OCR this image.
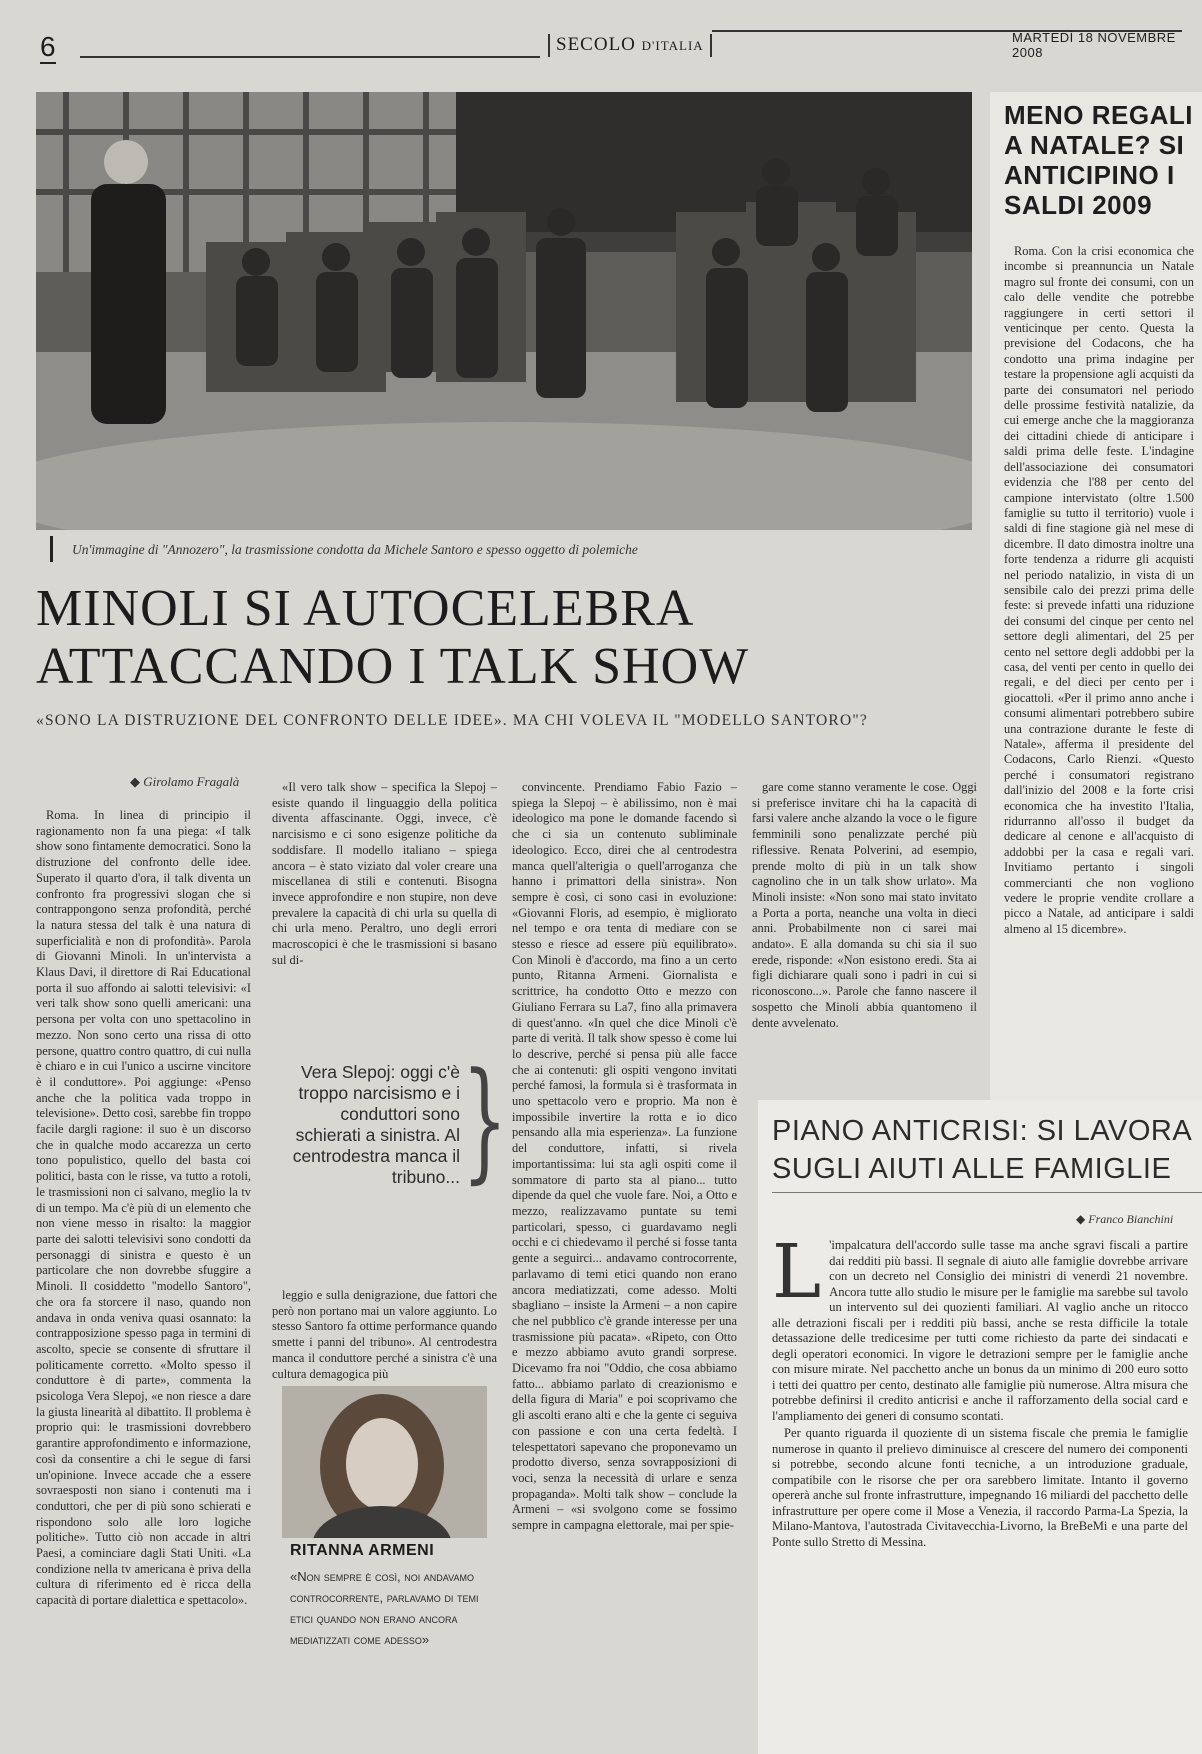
6	SECOLO D'ITALIA
MARTEDÌ 18 NOVEMBRE 2008
Un'immagine di "Annozero", la trasmissione condotta da Michele Santoro e spesso oggetto di polemiche
MINOLI SI AUTOCELEBRA
ATTACCANDO I TALK SHOW
«SONO LA DISTRUZIONE DEL CONFRONTO DELLE IDEE». MA CHI VOLEVA IL "MODELLO SANTORO"?
◆ Girolamo Fragalà

Roma. In linea di principio il ragionamento non fa una piega: «I talk show sono fintamente democratici. Sono la distruzione del confronto delle idee. Superato il quarto d'ora, il talk diventa un confronto fra progressivi slogan che si contrappongono senza profondità, perché la natura stessa del talk è una natura di superficialità e non di profondità». Parola di Giovanni Minoli. In un'intervista a Klaus Davi, il direttore di Rai Educational porta il suo affondo ai salotti televisivi: «I veri talk show sono quelli americani: una persona per volta con uno spettacolino in mezzo. Non sono certo una rissa di otto persone, quattro contro quattro, di cui nulla è chiaro e in cui l'unico a uscirne vincitore è il conduttore». Poi aggiunge: «Penso anche che la politica vada troppo in televisione». Detto così, sarebbe fin troppo facile dargli ragione: il suo è un discorso che in qualche modo accarezza un certo tono populistico, quello del basta coi politici, basta con le risse, va tutto a rotoli, le trasmissioni non ci salvano, meglio la tv di un tempo. Ma c'è più di un elemento che non viene messo in risalto: la maggior parte dei salotti televisivi sono condotti da personaggi di sinistra e questo è un particolare che non dovrebbe sfuggire a Minoli. Il cosiddetto "modello Santoro", che ora fa storcere il naso, quando non andava in onda veniva quasi osannato: la contrapposizione spesso paga in termini di ascolto, specie se consente di sfruttare il politicamente corretto. «Molto spesso il conduttore è di parte», commenta la psicologa Vera Slepoj, «e non riesce a dare la giusta linearità al dibattito. Il problema è proprio qui: le trasmissioni dovrebbero garantire approfondimento e informazione, così da consentire a chi le segue di farsi un'opinione. Invece accade che a essere sovraesposti non siano i contenuti ma i conduttori, che per di più sono schierati e rispondono solo alle loro logiche politiche». Tutto ciò non accade in altri Paesi, a cominciare dagli Stati Uniti. «La condizione nella tv americana è priva della cultura di riferimento ed è ricca della capacità di portare dialettica e spettacolo».

«Il vero talk show – specifica la Slepoj – esiste quando il linguaggio della politica diventa affascinante. Oggi, invece, c'è narcisismo e ci sono esigenze politiche da soddisfare. Il modello italiano – spiega ancora – è stato viziato dal voler creare una miscellanea di stili e contenuti. Bisogna invece approfondire e non stupire, non deve prevalere la capacità di chi urla su quella di chi urla meno. Peraltro, uno degli errori macroscopici è che le trasmissioni si basano sul di-

Vera Slepoj: oggi c'è troppo narcisismo e i conduttori sono schierati a sinistra. Al centrodestra manca il tribuno... }

leggio e sulla denigrazione, due fattori che però non portano mai un valore aggiunto. Lo stesso Santoro fa ottime performance quando smette i panni del tribuno». Al centrodestra manca il conduttore perché a sinistra c'è una cultura demagogica più

convincente. Prendiamo Fabio Fazio – spiega la Slepoj – è abilissimo, non è mai ideologico ma pone le domande facendo sì che ci sia un contenuto subliminale ideologico. Ecco, direi che al centrodestra manca quell'alterigia o quell'arroganza che hanno i primattori della sinistra». Non sempre è così, ci sono casi in evoluzione: «Giovanni Floris, ad esempio, è migliorato nel tempo e ora tenta di mediare con se stesso e riesce ad essere più equilibrato». Con Minoli è d'accordo, ma fino a un certo punto, Ritanna Armeni. Giornalista e scrittrice, ha condotto Otto e mezzo con Giuliano Ferrara su La7, fino alla primavera di quest'anno. «In quel che dice Minoli c'è parte di verità. Il talk show spesso è come lui lo descrive, perché si pensa più alle facce che ai contenuti: gli ospiti vengono invitati perché famosi, la formula si è trasformata in uno spettacolo vero e proprio. Ma non è impossibile invertire la rotta e io dico pensando alla mia esperienza». La funzione del conduttore, infatti, si rivela importantissima: lui sta agli ospiti come il sommatore di parto sta al piano... tutto dipende da quel che vuole fare. Noi, a Otto e mezzo, realizzavamo puntate su temi particolari, spesso, ci guardavamo negli occhi e ci chiedevamo il perché si fosse tanta gente a seguirci... andavamo controcorrente, parlavamo di temi etici quando non erano ancora mediatizzati, come adesso. Molti sbagliano – insiste la Armeni – a non capire che nel pubblico c'è grande interesse per una trasmissione più pacata». «Ripeto, con Otto e mezzo abbiamo avuto grandi sorprese. Dicevamo fra noi "Oddio, che cosa abbiamo fatto... abbiamo parlato di creazionismo e della figura di Maria" e poi scoprivamo che gli ascolti erano alti e che la gente ci seguiva con passione e con una certa fedeltà. I telespettatori sapevano che proponevamo un prodotto diverso, senza sovrapposizioni di voci, senza la necessità di urlare e senza propaganda». Molti talk show – conclude la Armeni – «si svolgono come se fossimo sempre in campagna elettorale, mai per spie-

gare come stanno veramente le cose. Oggi si preferisce invitare chi ha la capacità di farsi valere anche alzando la voce o le figure femminili sono penalizzate perché più riflessive. Renata Polverini, ad esempio, prende molto di più in un talk show cagnolino che in un talk show urlato». Ma Minoli insiste: «Non sono mai stato invitato a Porta a porta, neanche una volta in dieci anni. Probabilmente non ci sarei mai andato». E alla domanda su chi sia il suo erede, risponde: «Non esistono eredi. Sta ai figli dichiarare quali sono i padri in cui si riconoscono...». Parole che fanno nascere il sospetto che Minoli abbia quantomeno il dente avvelenato.

RITANNA ARMENI
«Non sempre è così, noi andavamo controcorrente, parlavamo di temi etici quando non erano ancora mediatizzati come adesso»
MENO REGALI A NATALE? SI ANTICIPINO I SALDI 2009

Roma. Con la crisi economica che incombe si preannuncia un Natale magro sul fronte dei consumi, con un calo delle vendite che potrebbe raggiungere in certi settori il venticinque per cento. Questa la previsione del Codacons, che ha condotto una prima indagine per testare la propensione agli acquisti da parte dei consumatori nel periodo delle prossime festività natalizie, da cui emerge anche che la maggioranza dei cittadini chiede di anticipare i saldi prima delle feste. L'indagine dell'associazione dei consumatori evidenzia che l'88 per cento del campione intervistato (oltre 1.500 famiglie su tutto il territorio) vuole i saldi di fine stagione già nel mese di dicembre. Il dato dimostra inoltre una forte tendenza a ridurre gli acquisti nel periodo natalizio, in vista di un sensibile calo dei prezzi prima delle feste: si prevede infatti una riduzione dei consumi del cinque per cento nel settore degli alimentari, del 25 per cento nel settore degli addobbi per la casa, del venti per cento in quello dei regali, e del dieci per cento per i giocattoli. «Per il primo anno anche i consumi alimentari potrebbero subire una contrazione durante le feste di Natale», afferma il presidente del Codacons, Carlo Rienzi. «Questo perché i consumatori registrano dall'inizio del 2008 e la forte crisi economica che ha investito l'Italia, ridurranno all'osso il budget da dedicare al cenone e all'acquisto di addobbi per la casa e regali vari. Invitiamo pertanto i singoli commercianti che non vogliono vedere le proprie vendite crollare a picco a Natale, ad anticipare i saldi almeno al 15 dicembre».

PIANO ANTICRISI: SI LAVORA SUGLI AIUTI ALLE FAMIGLIE
◆ Franco Bianchini
L 'impalcatura dell'accordo sulle tasse ma anche sgravi fiscali a partire dai redditi più bassi. Il segnale di aiuto alle famiglie dovrebbe arrivare con un decreto nel Consiglio dei ministri di venerdì 21 novembre. Ancora tutte allo studio le misure per le famiglie ma sarebbe sul tavolo un intervento sul dei quozienti familiari. Al vaglio anche un ritocco alle detrazioni fiscali per i redditi più bassi, anche se resta difficile la totale detassazione delle tredicesime per tutti come richiesto da parte dei sindacati e degli operatori economici. In vigore le detrazioni sempre per le famiglie anche con misure mirate. Nel pacchetto anche un bonus da un minimo di 200 euro sotto i tetti dei quattro per cento, destinato alle famiglie più numerose. Altra misura che potrebbe definirsi il credito anticrisi e anche il rafforzamento della social card e l'ampliamento dei generi di consumo scontati.

Per quanto riguarda il quoziente di un sistema fiscale che premia le famiglie numerose in quanto il prelievo diminuisce al crescere del numero dei componenti si potrebbe, secondo alcune fonti tecniche, a un introduzione graduale, compatibile con le risorse che per ora sarebbero limitate. Intanto il governo opererà anche sul fronte infrastrutture, impegnando 16 miliardi del pacchetto delle infrastrutture per opere come il Mose a Venezia, il raccordo Parma-La Spezia, la Milano-Mantova, l'autostrada Civitavecchia-Livorno, la BreBeMi e una parte del Ponte sullo Stretto di Messina.
